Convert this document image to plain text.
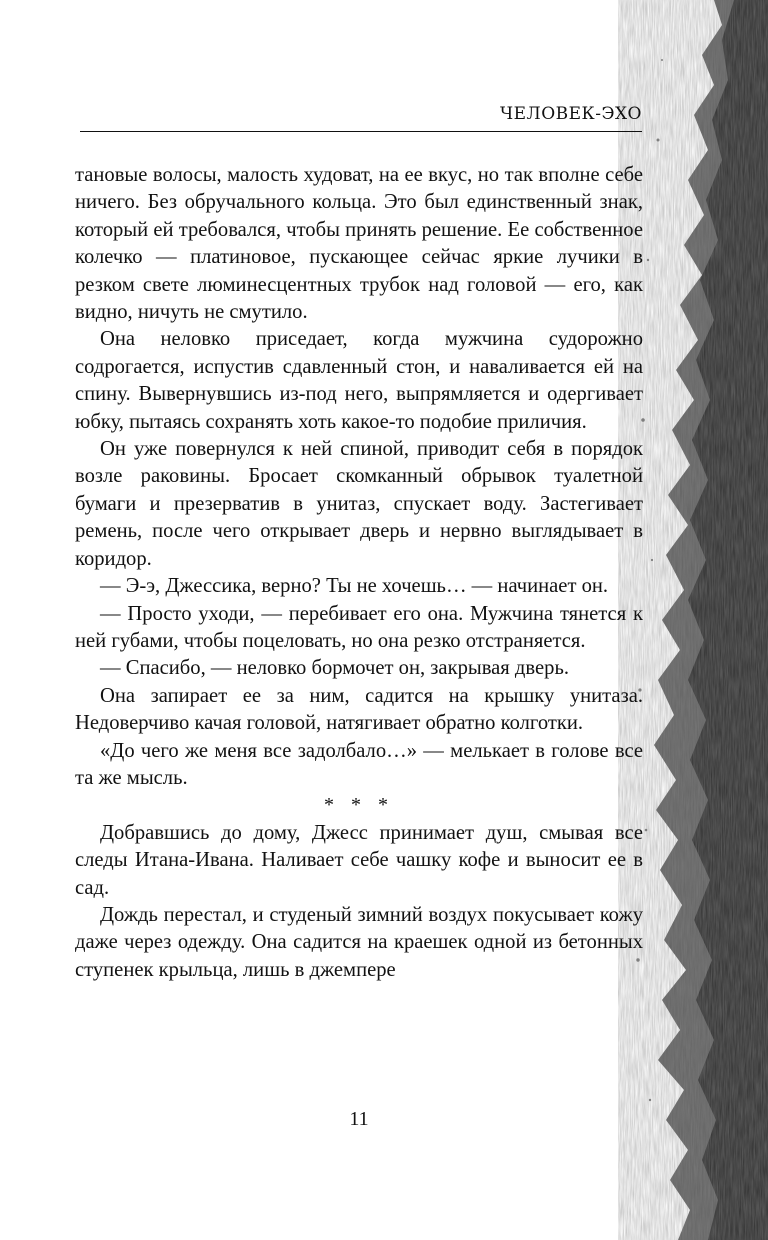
ЧЕЛОВЕК-ЭХО

тановые волосы, малость худоват, на ее вкус, но так вполне себе ничего. Без обручального кольца. Это был единственный знак, который ей требовался, чтобы принять решение. Ее собственное колечко — платиновое, пускающее сейчас яркие лучики в резком свете люминесцентных трубок над головой — его, как видно, ничуть не смутило.

Она неловко приседает, когда мужчина судорожно содрогается, испустив сдавленный стон, и наваливается ей на спину. Вывернувшись из-под него, выпрямляется и одергивает юбку, пытаясь сохранять хоть какое-то подобие приличия.

Он уже повернулся к ней спиной, приводит себя в порядок возле раковины. Бросает скомканный обрывок туалетной бумаги и презерватив в унитаз, спускает воду. Застегивает ремень, после чего открывает дверь и нервно выглядывает в коридор.

— Э-э, Джессика, верно? Ты не хочешь… — начинает он.

— Просто уходи, — перебивает его она. Мужчина тянется к ней губами, чтобы поцеловать, но она резко отстраняется.

— Спасибо, — неловко бормочет он, закрывая дверь.

Она запирает ее за ним, садится на крышку унитаза. Недоверчиво качая головой, натягивает обратно колготки.

«До чего же меня все задолбало…» — мелькает в голове все та же мысль.

* * *

Добравшись до дому, Джесс принимает душ, смывая все следы Итана-Ивана. Наливает себе чашку кофе и выносит ее в сад.

Дождь перестал, и студеный зимний воздух покусывает кожу даже через одежду. Она садится на краешек одной из бетонных ступенек крыльца, лишь в джемпере

11
